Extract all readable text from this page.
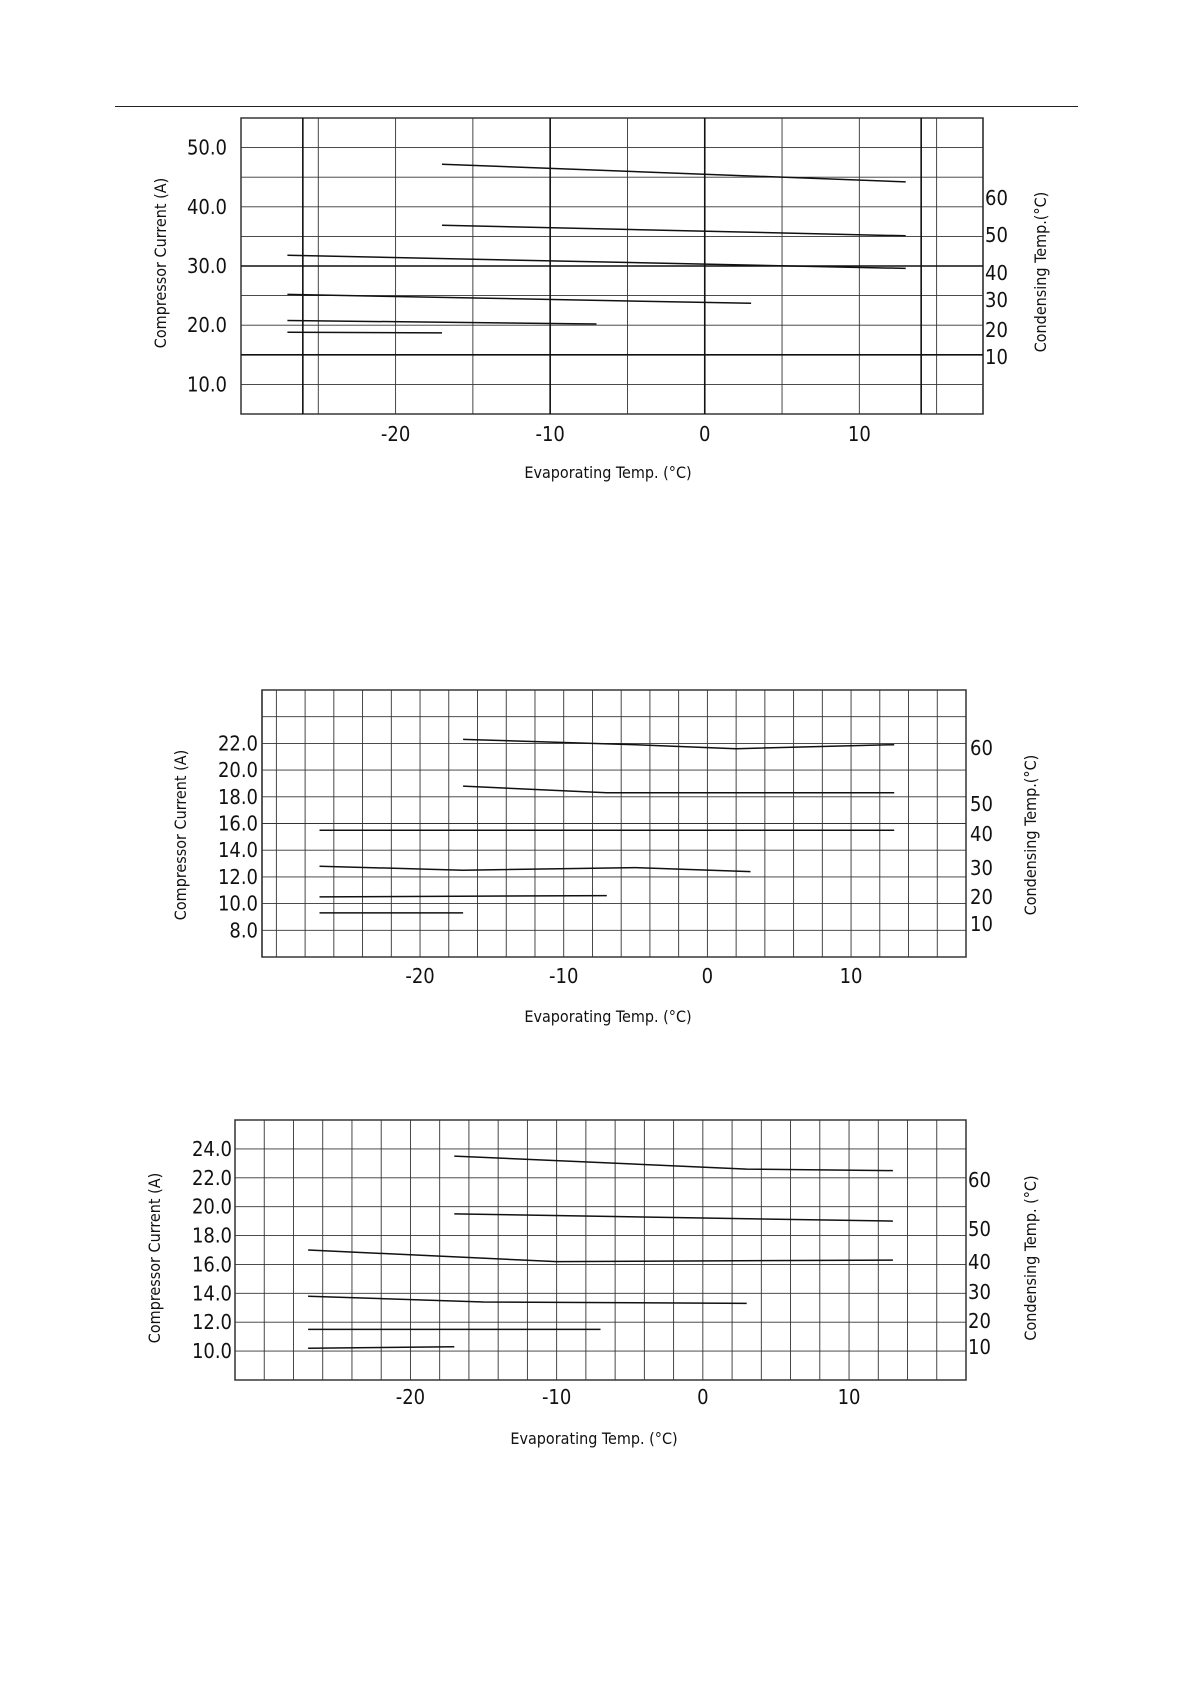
10.0
20.0
30.0
40.0
50.0
10
20
30
40
50
60
-20	-10	0	10
Compressor Current (A)	Condensing Temp.(°C)
Evaporating Temp. (°C)
8.0
10.0
12.0
14.0
16.0
18.0
20.0
22.0
10
20
30
40
50
60
-20	-10	0	10
Compressor Current (A)	Condensing Temp.(°C)
Evaporating Temp. (°C)
10.0
12.0
14.0
16.0
18.0
20.0
22.0
24.0
10
20
30
40
50
60
-20	-10	0	10
Compressor Current (A)	Condensing Temp. (°C)
Evaporating Temp. (°C)
